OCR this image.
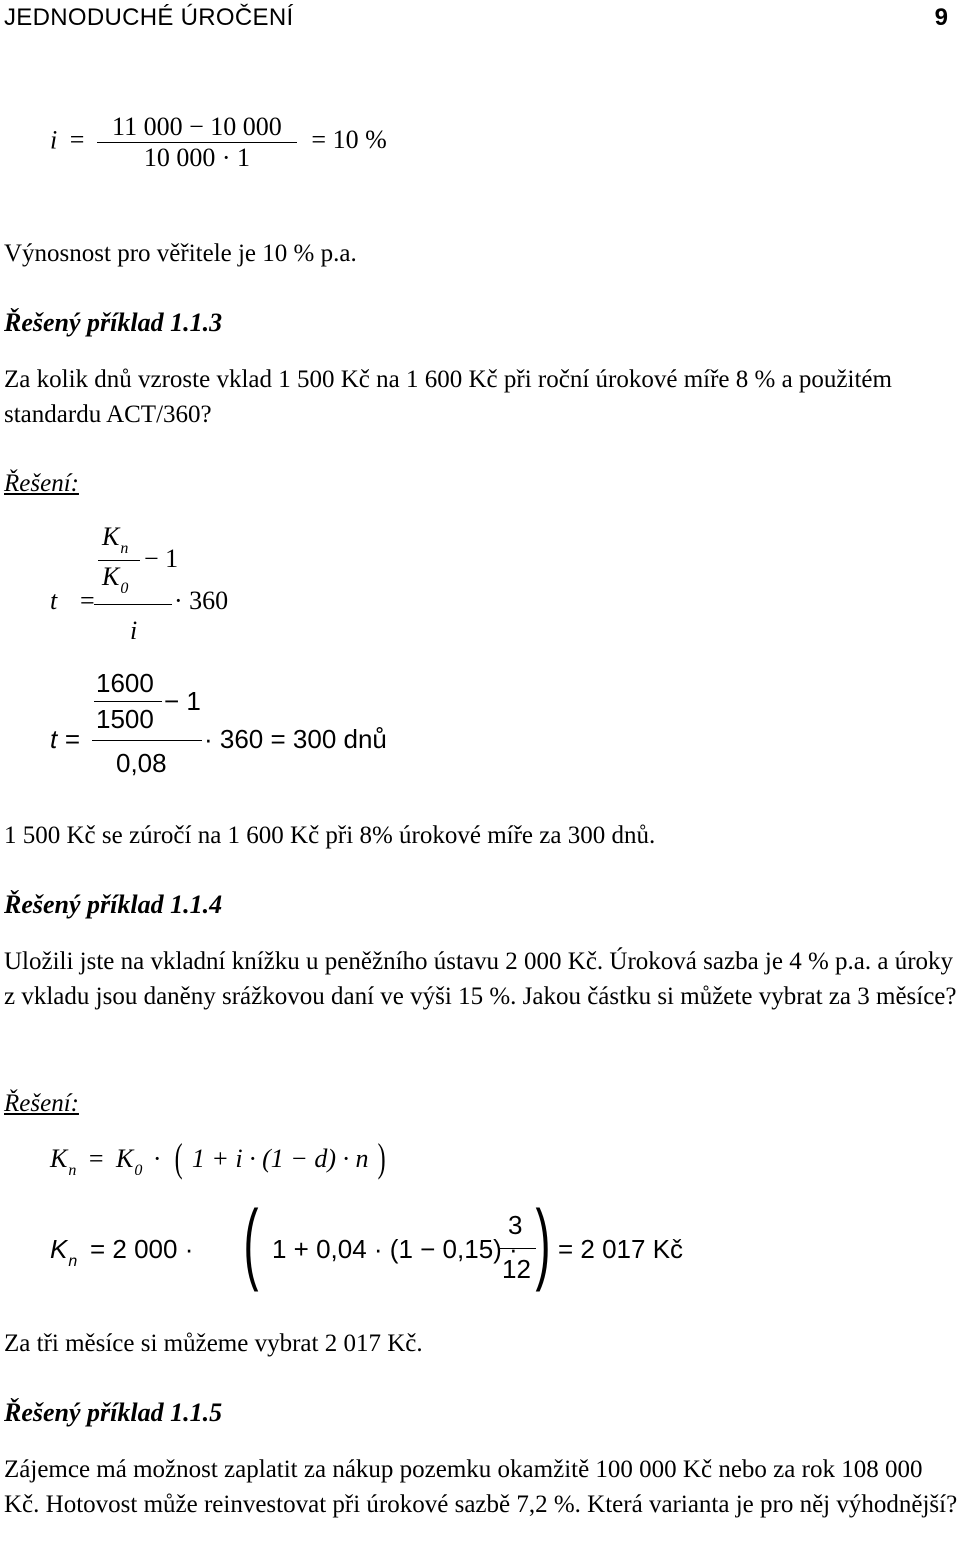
JEDNODUCHÉ ÚROČENÍ	9
$i = \frac{11 000 - 10 000}{10 000 \cdot 1} = 10$ %
Výnosnost pro věřitele je 10 % p.a.
Řešený příklad 1.1.3
Za kolik dnů vzroste vklad 1 500 Kč na 1 600 Kč při roční úrokové míře 8 % a použitém standardu ACT/360?
Řešení:
t =
$K_n - 1$
$K_0$
i
· 360
t =
1600
− 1
1500
0,08
· 360 = 300 dnů
1 500 Kč se zúročí na 1 600 Kč při 8% úrokové míře za 300 dnů.
Řešený příklad 1.1.4
Uložili jste na vkladní knížku u peněžního ústavu 2 000 Kč. Úroková sazba je 4 % p.a. a úroky z vkladu jsou daněny srážkovou daní ve výši 15 %. Jakou částku si můžete vybrat za 3 měsíce?
Řešení:
$K_n = K_0$ · ( 1 + i · (1 − d) · n )
$K_n = 2$ 000 · ( 1 + 0,04 · (1 − 0,15) ·
3
12 ) = 2 017 Kč
Za tři měsíce si můžeme vybrat 2 017 Kč.
Řešený příklad 1.1.5
Zájemce má možnost zaplatit za nákup pozemku okamžitě 100 000 Kč nebo za rok 108 000 Kč. Hotovost může reinvestovat při úrokové sazbě 7,2 %. Která varianta je pro něj výhodnější?
